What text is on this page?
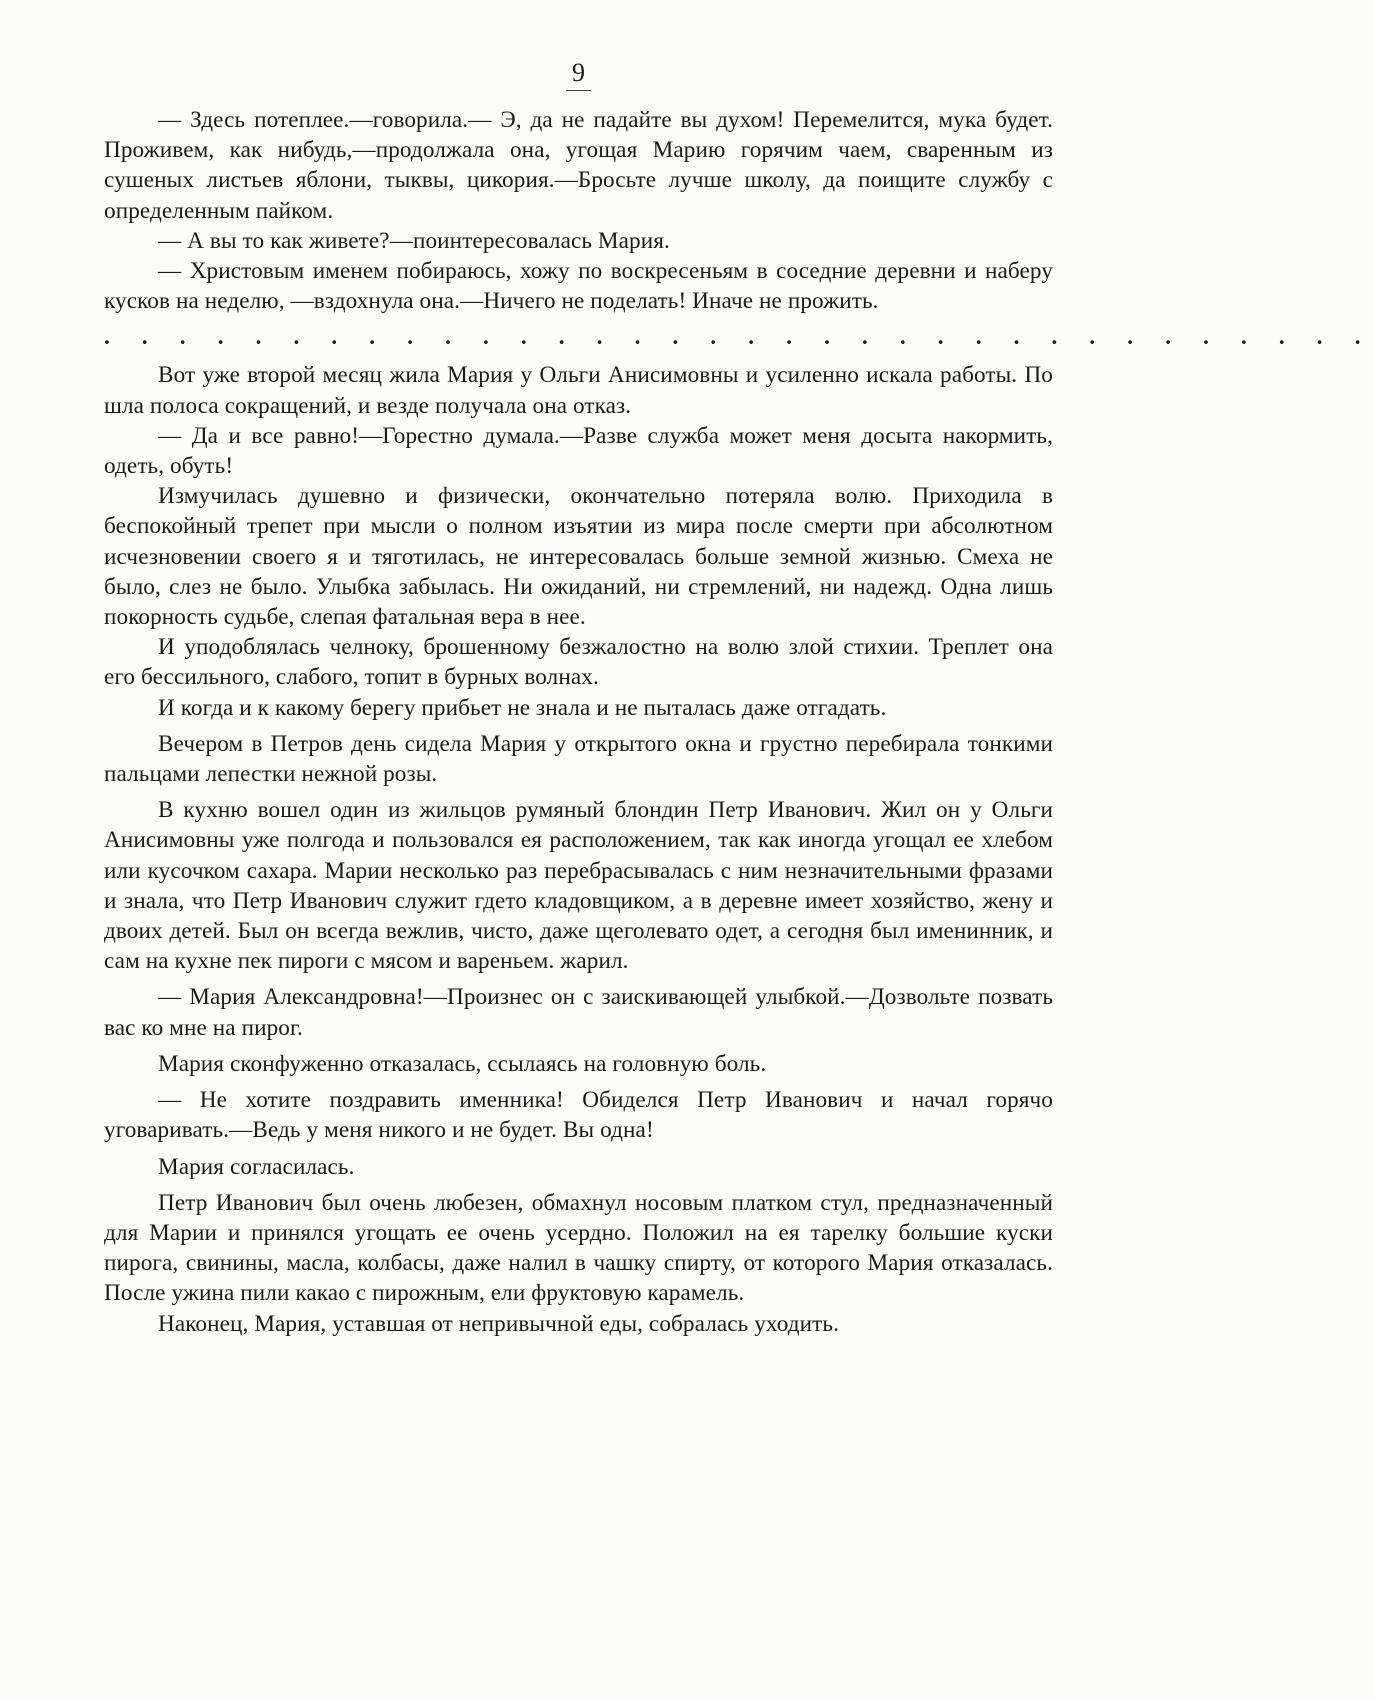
9

— Здесь потеплее.—говорила.— Э, да не падайте вы духом! Перемелится, мука будет. Проживем, как нибудь,—продолжала она, угощая Марию горячим чаем, сваренным из сушеных листьев яблони, тыквы, цикория.—Бросьте лучше школу, да поищите службу с определенным пайком.

— А вы то как живете?—поинтересовалась Мария.

— Христовым именем побираюсь, хожу по воскресеньям в соседние деревни и наберу кусков на неделю, —вздохнула она.—Ничего не поделать! Иначе не прожить.

. . . . . . . . . . . . . . . . . . . . . . . . . . . . . . . . . .

Вот уже второй месяц жила Мария у Ольги Анисимовны и усиленно искала работы. По шла полоса сокращений, и везде получала она отказ.

— Да и все равно!—Горестно думала.—Разве служба может меня досыта накормить, одеть, обуть!

Измучилась душевно и физически, окончательно потеряла волю. Приходила в беспокойный трепет при мысли о полном изъятии из мира после смерти при абсолютном исчезновении своего я и тяготилась, не интересовалась больше земной жизнью. Смеха не было, слез не было. Улыбка забылась. Ни ожиданий, ни стремлений, ни надежд. Одна лишь покорность судьбе, слепая фатальная вера в нее.

И уподоблялась челноку, брошенному безжалостно на волю злой стихии. Треплет она его бессильного, слабого, топит в бурных волнах.

И когда и к какому берегу прибьет не знала и не пыталась даже отгадать.

Вечером в Петров день сидела Мария у открытого окна и грустно перебирала тонкими пальцами лепестки нежной розы.

В кухню вошел один из жильцов румяный блондин Петр Иванович. Жил он у Ольги Анисимовны уже полгода и пользовался ея расположением, так как иногда угощал ее хлебом или кусочком сахара. Марии несколько раз перебрасывалась с ним незначительными фразами и знала, что Петр Иванович служит гдето кладовщиком, а в деревне имеет хозяйство, жену и двоих детей. Был он всегда вежлив, чисто, даже щеголевато одет, а сегодня был именинник, и сам на кухне пек пироги с мясом и вареньем. жарил.

— Мария Александровна!—Произнес он с заискивающей улыбкой.—Дозвольте позвать вас ко мне на пирог.

Мария сконфуженно отказалась, ссылаясь на головную боль.

— Не хотите поздравить именника! Обиделся Петр Иванович и начал горячо уговаривать.—Ведь у меня никого и не будет. Вы одна!

Мария согласилась.

Петр Иванович был очень любезен, обмахнул носовым платком стул, предназначенный для Марии и принялся угощать ее очень усердно. Положил на ея тарелку большие куски пирога, свинины, масла, колбасы, даже налил в чашку спирту, от которого Мария отказалась. После ужина пили какао с пирожным, ели фруктовую карамель.

Наконец, Мария, уставшая от непривычной еды, собралась уходить.
